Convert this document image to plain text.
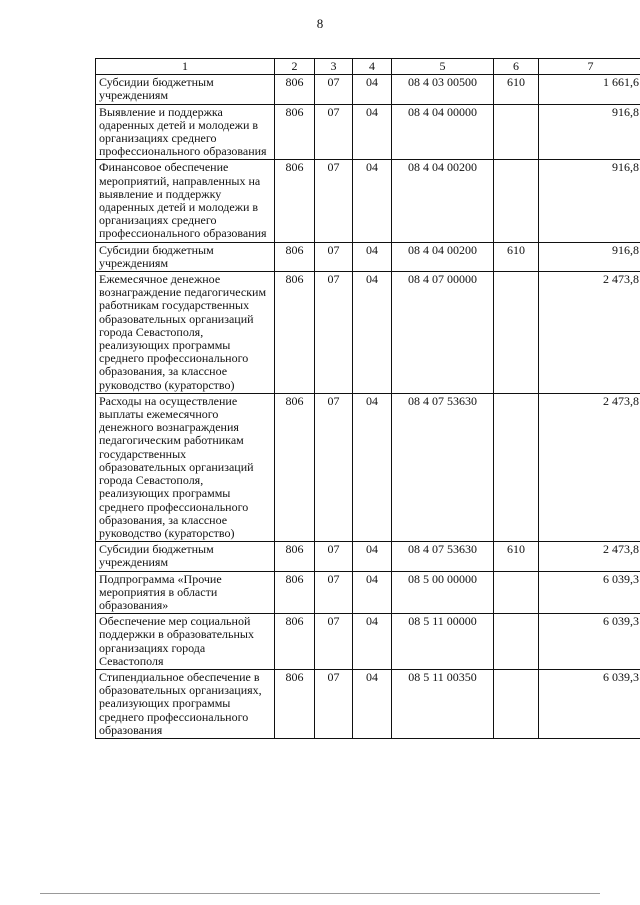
8
1	2	3	4	5	6	7
Субсидии бюджетным учреждениям	806	07	04	08 4 03 00500	610	1 661,6
Выявление и поддержка одаренных детей и молодежи в организациях среднего профессионального образования	806	07	04	08 4 04 00000		916,8
Финансовое обеспечение мероприятий, направленных на выявление и поддержку одаренных детей и молодежи в организациях среднего профессионального образования	806	07	04	08 4 04 00200		916,8
Субсидии бюджетным учреждениям	806	07	04	08 4 04 00200	610	916,8
Ежемесячное денежное вознаграждение педагогическим работникам государственных образовательных организаций города Севастополя, реализующих программы среднего профессионального образования, за классное руководство (кураторство)	806	07	04	08 4 07 00000		2 473,8
Расходы на осуществление выплаты ежемесячного денежного вознаграждения педагогическим работникам государственных образовательных организаций города Севастополя, реализующих программы среднего профессионального образования, за классное руководство (кураторство)	806	07	04	08 4 07 53630		2 473,8
Субсидии бюджетным учреждениям	806	07	04	08 4 07 53630	610	2 473,8
Подпрограмма «Прочие мероприятия в области образования»	806	07	04	08 5 00 00000		6 039,3
Обеспечение мер социальной поддержки в образовательных организациях города Севастополя	806	07	04	08 5 11 00000		6 039,3
Стипендиальное обеспечение в образовательных организациях, реализующих программы среднего профессионального образования	806	07	04	08 5 11 00350		6 039,3
